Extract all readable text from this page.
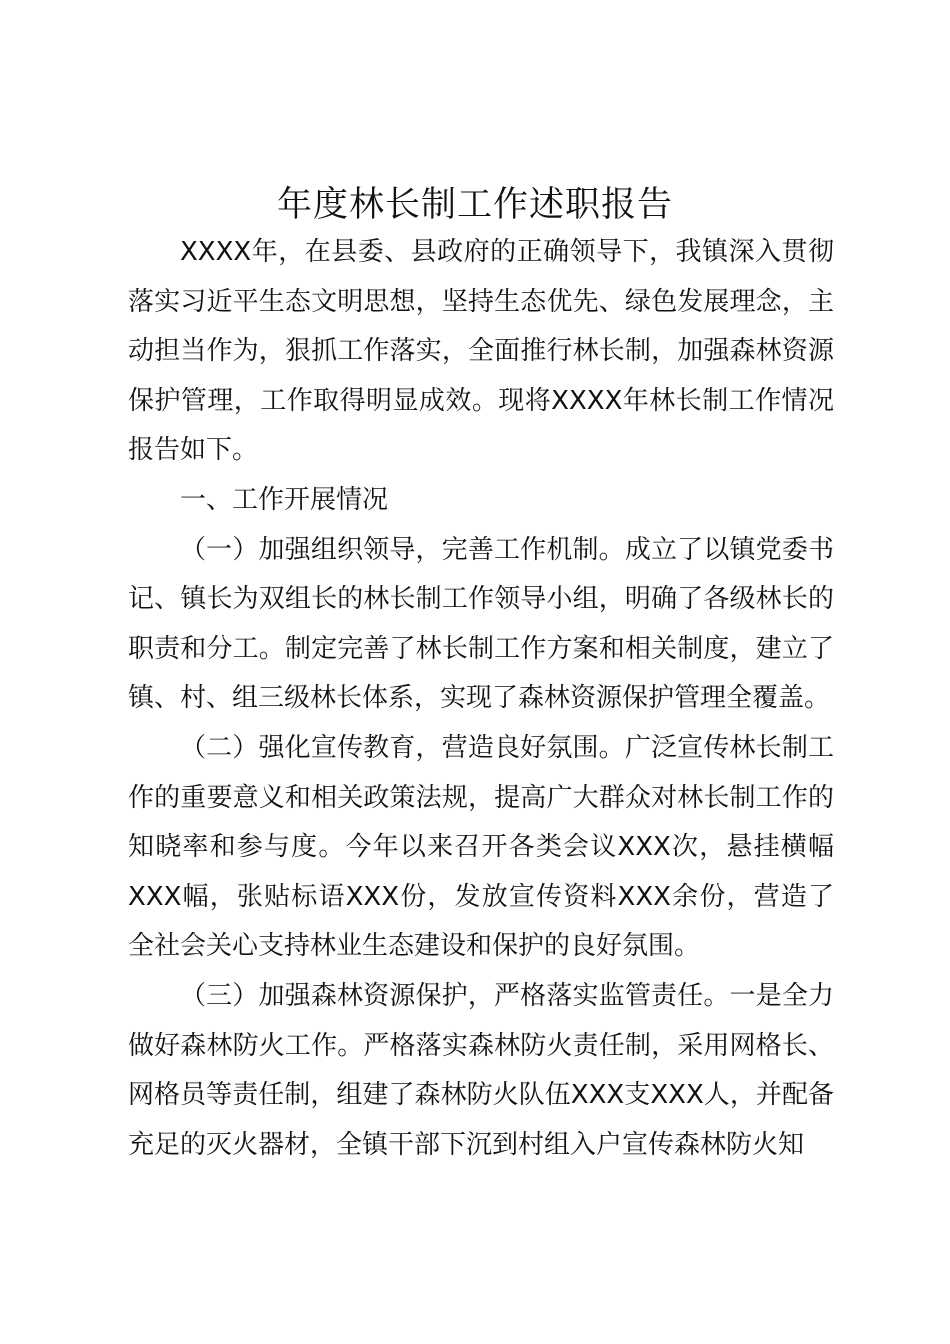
年度林长制工作述职报告

XXXX年，在县委、县政府的正确领导下，我镇深入贯彻落实习近平生态文明思想，坚持生态优先、绿色发展理念，主动担当作为，狠抓工作落实，全面推行林长制，加强森林资源保护管理，工作取得明显成效。现将XXXX年林长制工作情况报告如下。

一、工作开展情况

（一）加强组织领导，完善工作机制。成立了以镇党委书记、镇长为双组长的林长制工作领导小组，明确了各级林长的职责和分工。制定完善了林长制工作方案和相关制度，建立了镇、村、组三级林长体系，实现了森林资源保护管理全覆盖。

（二）强化宣传教育，营造良好氛围。广泛宣传林长制工作的重要意义和相关政策法规，提高广大群众对林长制工作的知晓率和参与度。今年以来召开各类会议XXX次，悬挂横幅XXX幅，张贴标语XXX份，发放宣传资料XXX余份，营造了全社会关心支持林业生态建设和保护的良好氛围。

（三）加强森林资源保护，严格落实监管责任。一是全力做好森林防火工作。严格落实森林防火责任制，采用网格长、网格员等责任制，组建了森林防火队伍XXX支XXX人，并配备充足的灭火器材，全镇干部下沉到村组入户宣传森林防火知
